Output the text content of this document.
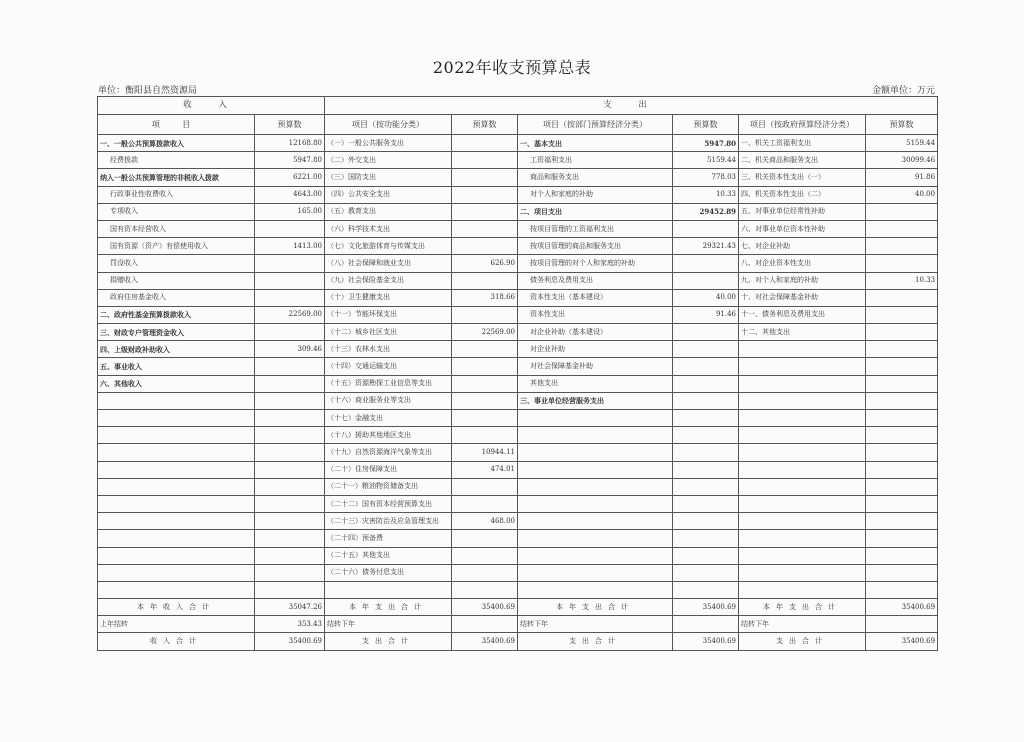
2022年收支预算总表
单位：衡阳县自然资源局	金额单位：万元
收 入		支 出					
项 目	预算数	项目（按功能分类）	预算数	项目（按部门预算经济分类）	预算数	项目（按政府预算经济分类）	预算数
一、一般公共预算拨款收入	12168.80	（一）一般公共服务支出		一、基本支出	5947.80	一、机关工资福利支出	5159.44
经费拨款	5947.80	（二）外交支出		工资福利支出	5159.44	二、机关商品和服务支出	30099.46
纳入一般公共预算管理的非税收入拨款	6221.00	（三）国防支出		商品和服务支出	778.03	三、机关资本性支出（一）	91.86
行政事业性收费收入	4643.00	（四）公共安全支出		对个人和家庭的补助	10.33	四、机关资本性支出（二）	40.00
专项收入	165.00	（五）教育支出		二、项目支出	29452.89	五、对事业单位经常性补助	
国有资本经营收入		（六）科学技术支出		按项目管理的工资福利支出		六、对事业单位资本性补助	
国有资源（资产）有偿使用收入	1413.00	（七）文化旅游体育与传媒支出		按项目管理的商品和服务支出	29321.43	七、对企业补助	
罚没收入		（八）社会保障和就业支出	626.90	按项目管理的对个人和家庭的补助		八、对企业资本性支出	
捐赠收入		（九）社会保险基金支出		债务利息及费用支出		九、对个人和家庭的补助	10.33
政府住房基金收入		（十）卫生健康支出	318.66	资本性支出（基本建设）	40.00	十、对社会保障基金补助	
二、政府性基金预算拨款收入	22569.00	（十一）节能环保支出		资本性支出	91.46	十一、债务利息及费用支出	
三、财政专户管理资金收入		（十二）城乡社区支出	22569.00	对企业补助（基本建设）		十二、其他支出	
四、上级财政补助收入	309.46	（十三）农林水支出		对企业补助			
五、事业收入		（十四）交通运输支出		对社会保障基金补助			
六、其他收入		（十五）资源勘探工业信息等支出		其他支出			
		（十六）商业服务业等支出		三、事业单位经营服务支出			
		（十七）金融支出					
		（十八）援助其他地区支出					
		（十九）自然资源海洋气象等支出	10944.11				
		（二十）住房保障支出	474.01				
		（二十一）粮油物资储备支出					
		（二十二）国有资本经营预算支出					
		（二十三）灾害防治及应急管理支出	468.00				
		（二十四）预备费					
		（二十五）其他支出					
		（二十六）债务付息支出					

本年收入合计	35047.26	本年支出合计	35400.69	本年支出合计	35400.69	本年支出合计	35400.69
上年结转	353.43	结转下年		结转下年		结转下年	
收入合计	35400.69	支出合计	35400.69	支出合计	35400.69	支出合计	35400.69
